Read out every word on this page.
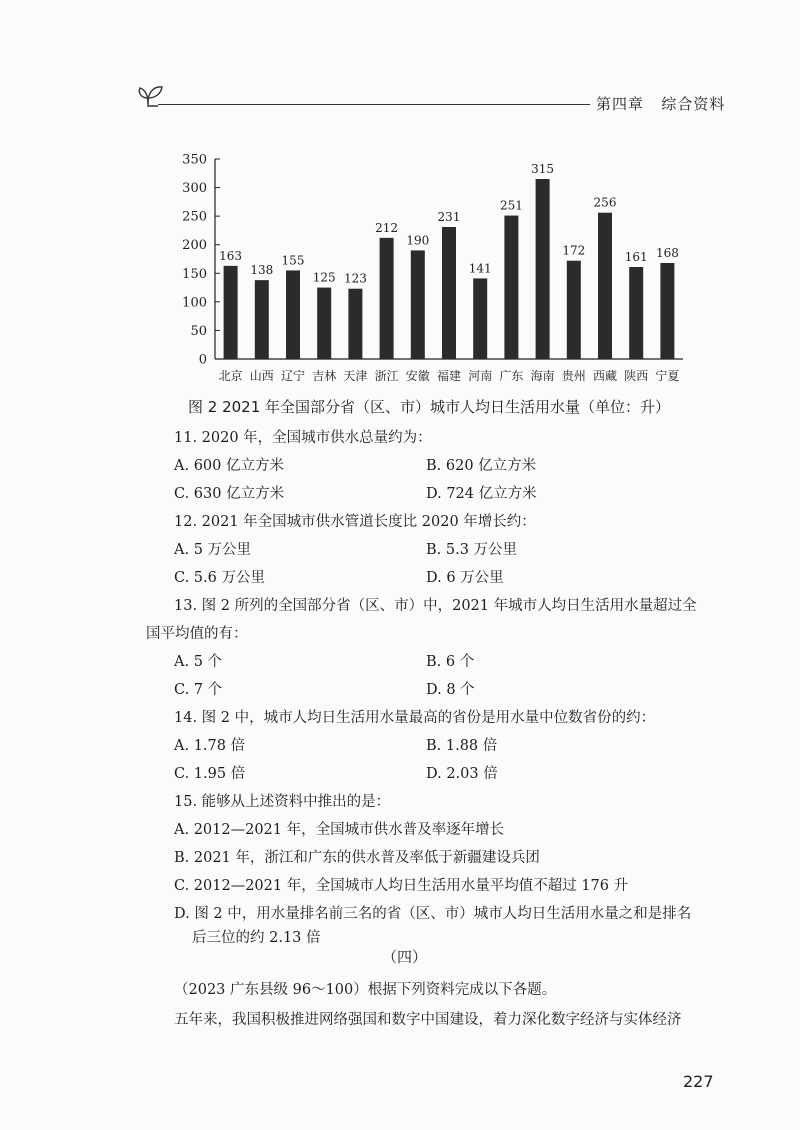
第四章 综合资料
0
50
100
150
200
250
300
350
163
北京
138
山西
155
辽宁
125
吉林
123
天津
212
浙江
190
安徽
231
福建
141
河南
251
广东
315
海南
172
贵州
256
西藏
161
陕西
168
宁夏
图 2 2021 年全国部分省（区、市）城市人均日生活用水量（单位：升）
11. 2020 年，全国城市供水总量约为：
A. 600 亿立方米	B. 620 亿立方米
C. 630 亿立方米	D. 724 亿立方米
12. 2021 年全国城市供水管道长度比 2020 年增长约：
A. 5 万公里	B. 5.3 万公里
C. 5.6 万公里	D. 6 万公里
13. 图 2 所列的全国部分省（区、市）中，2021 年城市人均日生活用水量超过全
国平均值的有：
A. 5 个	B. 6 个
C. 7 个	D. 8 个
14. 图 2 中，城市人均日生活用水量最高的省份是用水量中位数省份的约：
A. 1.78 倍	B. 1.88 倍
C. 1.95 倍	D. 2.03 倍
15. 能够从上述资料中推出的是：
A. 2012—2021 年，全国城市供水普及率逐年增长
B. 2021 年，浙江和广东的供水普及率低于新疆建设兵团
C. 2012—2021 年，全国城市人均日生活用水量平均值不超过 176 升
D. 图 2 中，用水量排名前三名的省（区、市）城市人均日生活用水量之和是排名
后三位的约 2.13 倍
（四）
（2023 广东县级 96～100）根据下列资料完成以下各题。
五年来，我国积极推进网络强国和数字中国建设，着力深化数字经济与实体经济
227
